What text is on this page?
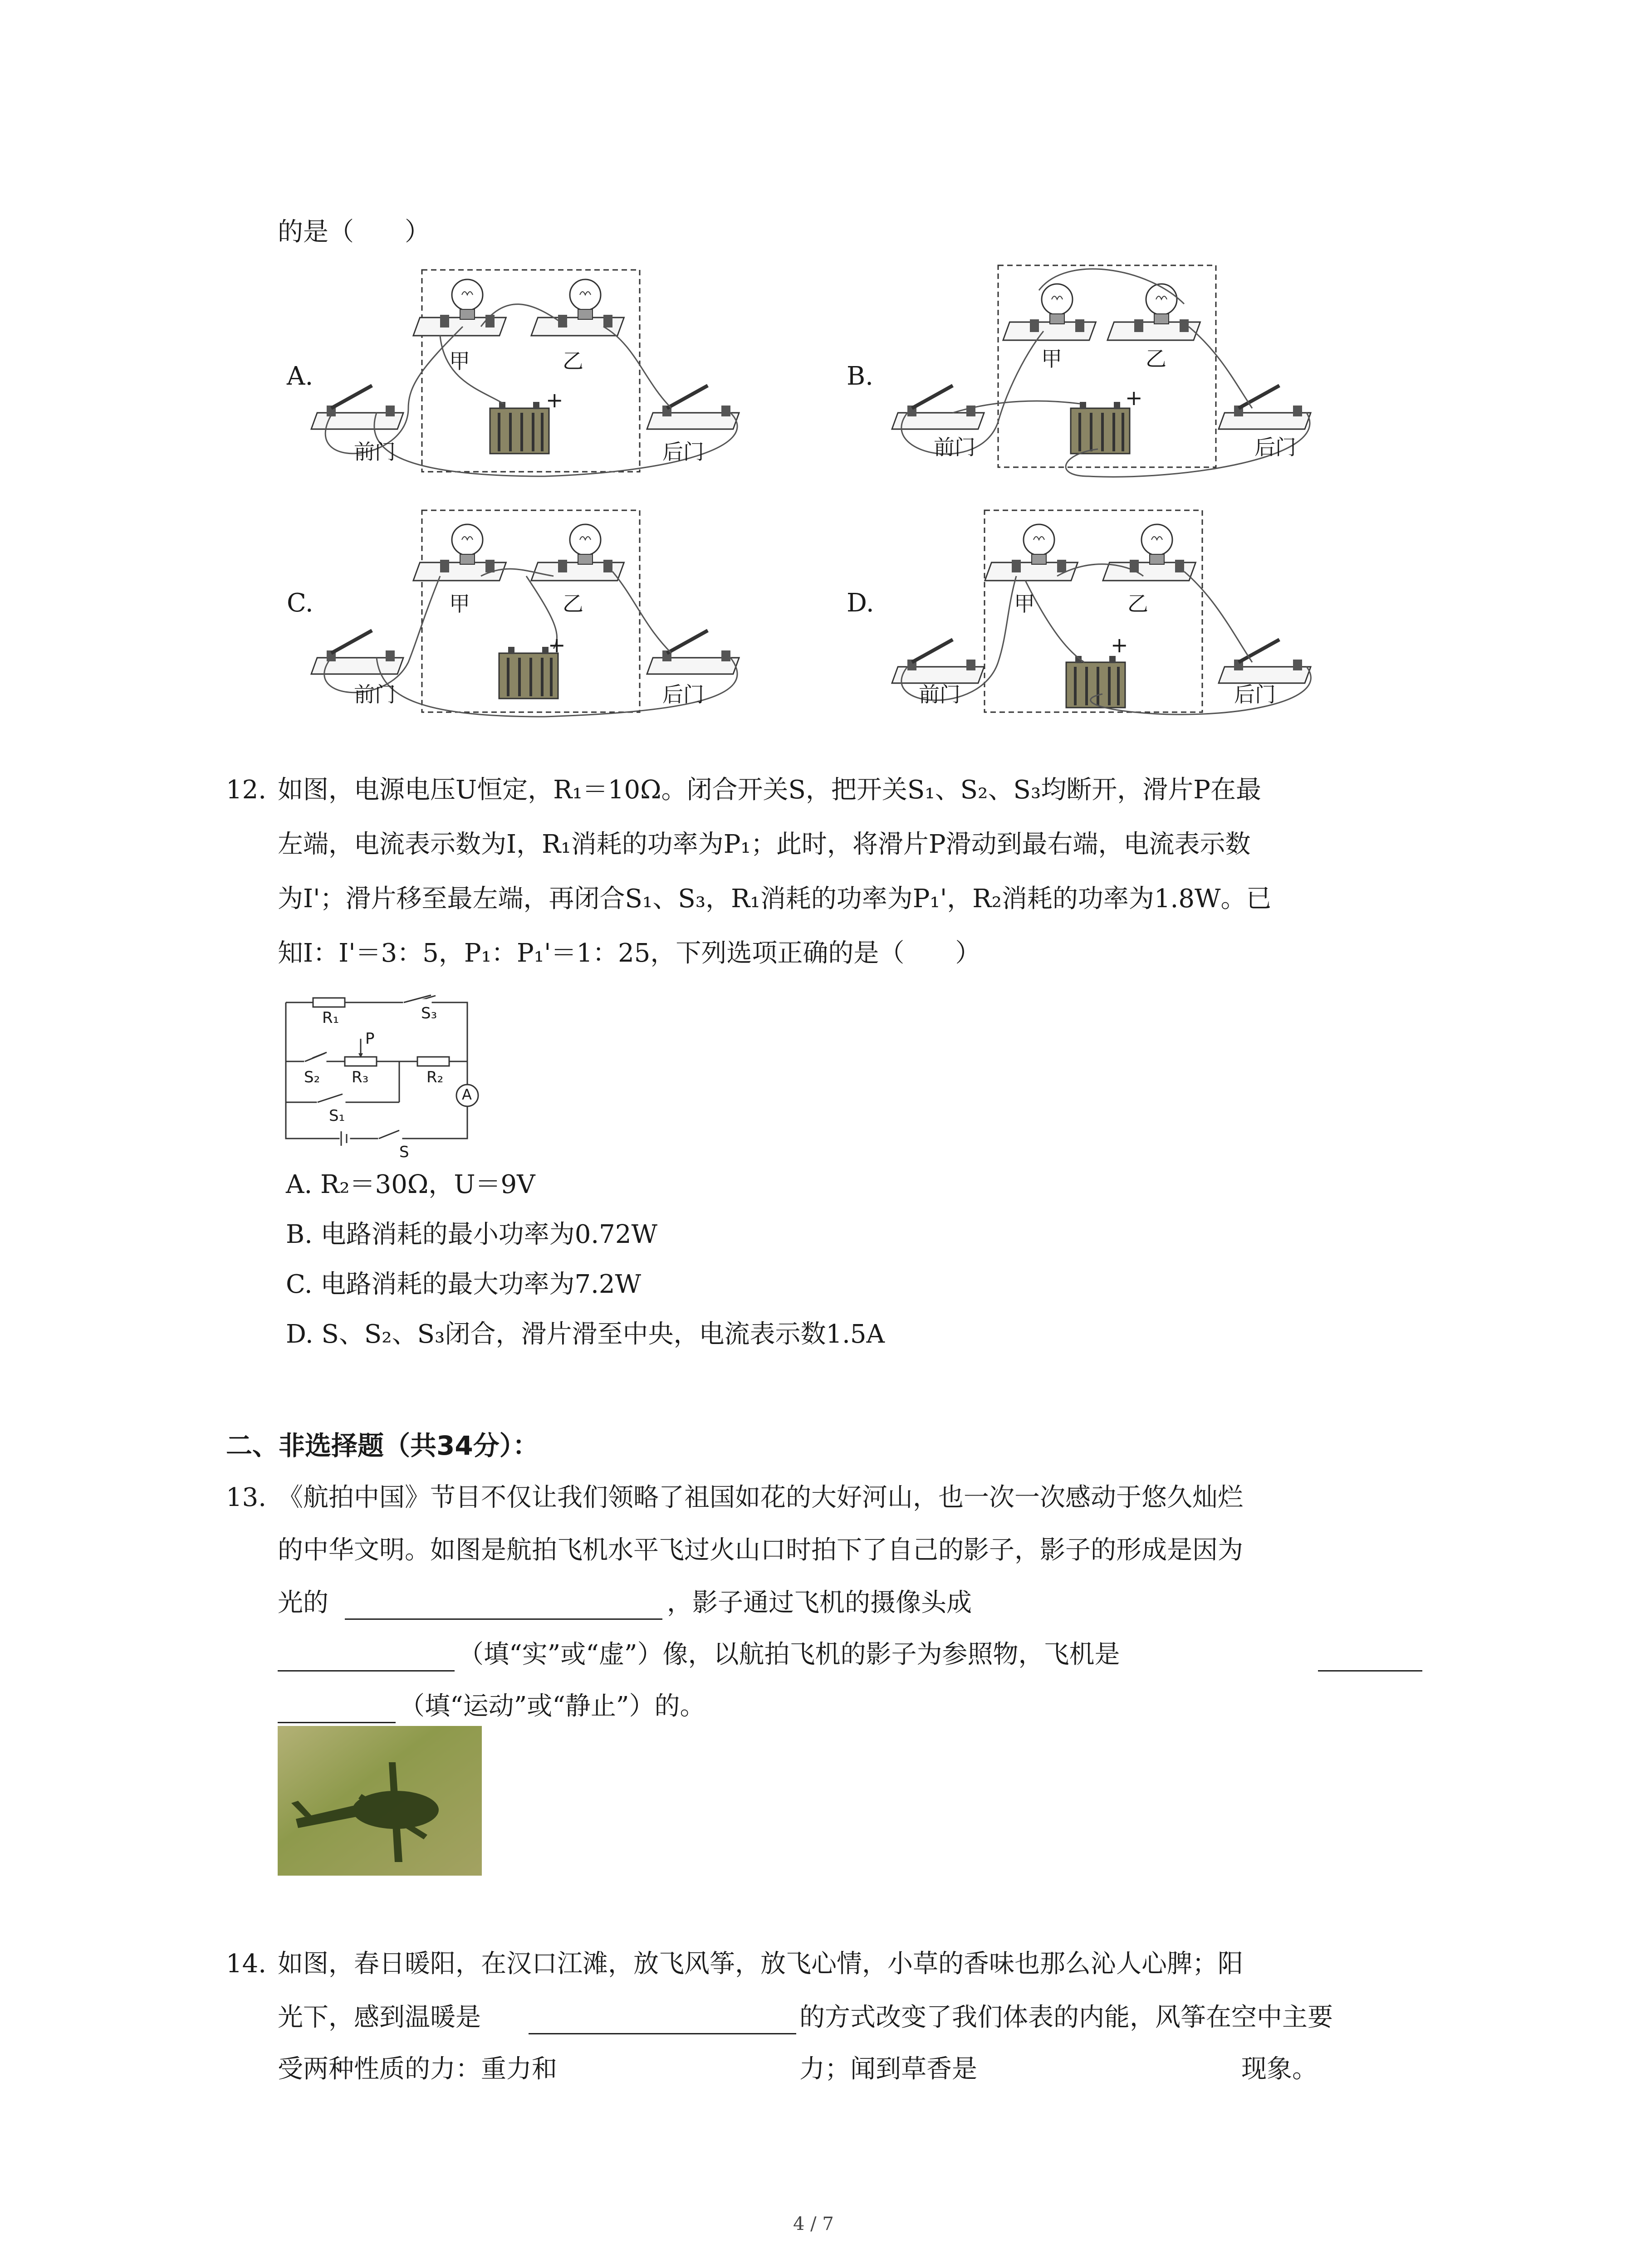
的是（　　）
A.	B.
C.	D.
甲	乙
前门	后门
+
甲	乙
前门	后门
+
甲	乙
前门	后门
+
甲	乙
前门	后门
+
12. 如图，电源电压U恒定，R₁＝10Ω。闭合开关S，把开关S₁、S₂、S₃均断开，滑片P在最
左端，电流表示数为I，R₁消耗的功率为P₁；此时，将滑片P滑动到最右端，电流表示数
为I'；滑片移至最左端，再闭合S₁、S₃，R₁消耗的功率为P₁'，R₂消耗的功率为1.8W。已
知I：I'＝3：5，P₁：P₁'＝1：25，下列选项正确的是（　　）
R₁	S₃
P
S₂ R₃	R₂
A
S₁
S
A. R₂＝30Ω，U＝9V
B. 电路消耗的最小功率为0.72W
C. 电路消耗的最大功率为7.2W
D. S、S₂、S₃闭合，滑片滑至中央，电流表示数1.5A
二、非选择题（共34分）：
13. 《航拍中国》节目不仅让我们领略了祖国如花的大好河山，也一次一次感动于悠久灿烂
的中华文明。如图是航拍飞机水平飞过火山口时拍下了自己的影子，影子的形成是因为
光的	，影子通过飞机的摄像头成
（填“实”或“虚”）像，以航拍飞机的影子为参照物，飞机是
（填“运动”或“静止”）的。
14. 如图，春日暖阳，在汉口江滩，放飞风筝，放飞心情，小草的香味也那么沁人心脾；阳
光下，感到温暖是	的方式改变了我们体表的内能，风筝在空中主要
受两种性质的力：重力和	力；闻到草香是	现象。
4 / 7
